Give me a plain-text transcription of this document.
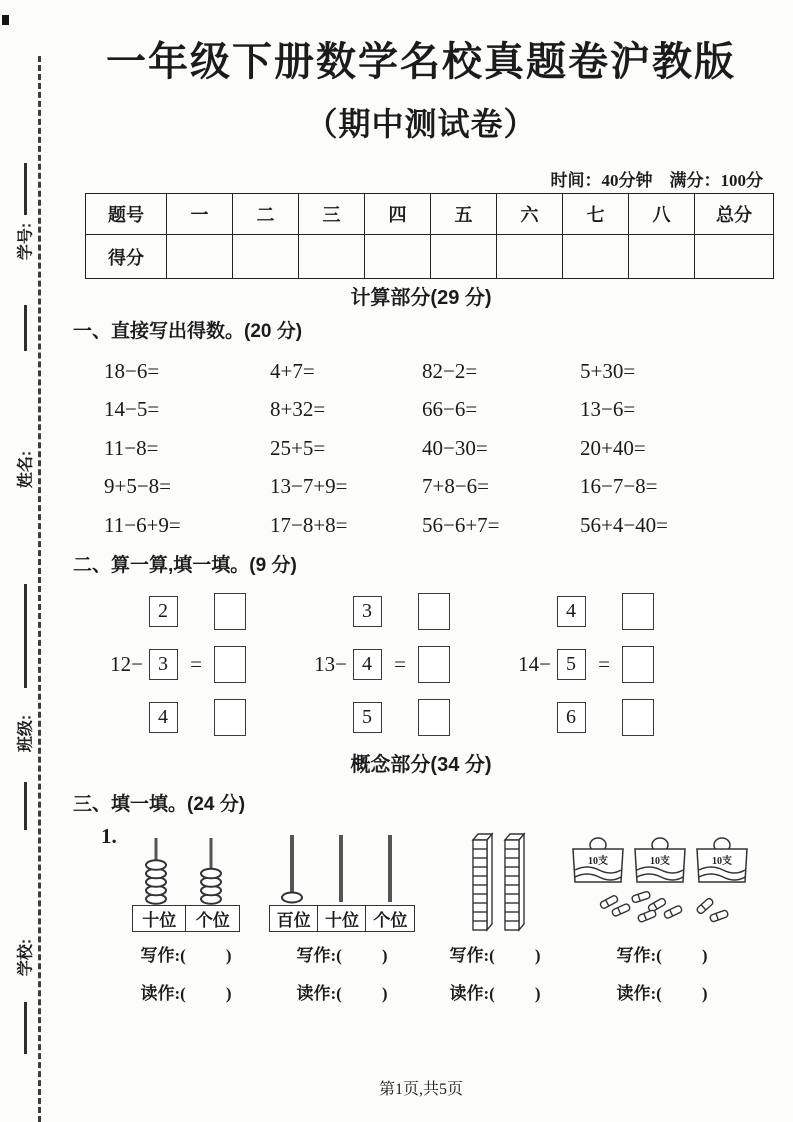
学号:
姓名:
班级:
学校:
一年级下册数学名校真题卷沪教版
（期中测试卷）
时间：40分钟　满分：100分
题号	一	二	三	四	五	六	七	八	总分
得分									
计算部分(29 分)
一、直接写出得数。(20 分)
18−6=	4+7=	82−2=	5+30=
14−5=	8+32=	66−6=	13−6=
11−8=	25+5=	40−30=	20+40=
9+5−8=	13−7+9=	7+8−6=	16−7−8=
11−6+9=	17−8+8=	56−6+7=	56+4−40=
二、算一算,填一填。(9 分)
2
12− 3	=
4
3
13− 4	=
5
4
14− 5	=
6
概念部分(34 分)
三、填一填。(24 分)
1.
十位	个位
写作:( )
读作:( )
百位 十位 个位
写作:( )
读作:( )
写作:( )
读作:( )
10支	10支	10支
写作:( )
读作:( )
第1页,共5页
